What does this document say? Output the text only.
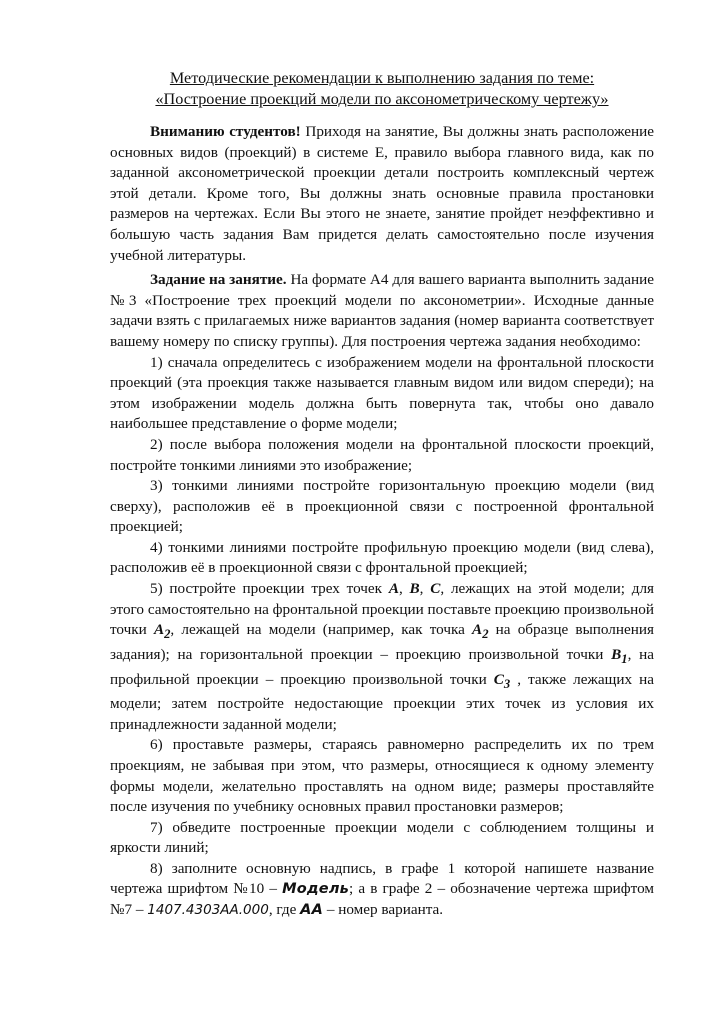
Методические рекомендации к выполнению задания по теме:
«Построение проекций модели по аксонометрическому чертежу»

Вниманию студентов! Приходя на занятие, Вы должны знать расположение основных видов (проекций) в системе Е, правило выбора главного вида, как по заданной аксонометрической проекции детали построить комплексный чертеж этой детали. Кроме того, Вы должны знать основные правила простановки размеров на чертежах. Если Вы этого не знаете, занятие пройдет неэффективно и большую часть задания Вам придется делать самостоятельно после изучения учебной литературы.

Задание на занятие. На формате А4 для вашего варианта выполнить задание №3 «Построение трех проекций модели по аксонометрии». Исходные данные задачи взять с прилагаемых ниже вариантов задания (номер варианта соответствует вашему номеру по списку группы). Для построения чертежа задания необходимо:

1) сначала определитесь с изображением модели на фронтальной плоскости проекций (эта проекция также называется главным видом или видом спереди); на этом изображении модель должна быть повернута так, чтобы оно давало наибольшее представление о форме модели;

2) после выбора положения модели на фронтальной плоскости проекций, постройте тонкими линиями это изображение;

3) тонкими линиями постройте горизонтальную проекцию модели (вид сверху), расположив её в проекционной связи с построенной фронтальной проекцией;

4) тонкими линиями постройте профильную проекцию модели (вид слева), расположив её в проекционной связи с фронтальной проекцией;

5) постройте проекции трех точек A, B, C, лежащих на этой модели; для этого самостоятельно на фронтальной проекции поставьте проекцию произвольной точки $A_2$, лежащей на модели (например, как точка $A_2$ на образце выполнения задания); на горизонтальной проекции – проекцию произвольной точки $B_1$, на профильной проекции – проекцию произвольной точки $C_3$ , также лежащих на модели; затем постройте недостающие проекции этих точек из условия их принадлежности заданной модели;

6) проставьте размеры, стараясь равномерно распределить их по трем проекциям, не забывая при этом, что размеры, относящиеся к одному элементу формы модели, желательно проставлять на одном виде; размеры проставляйте после изучения по учебнику основных правил простановки размеров;

7) обведите построенные проекции модели с соблюдением толщины и яркости линий;

8) заполните основную надпись, в графе 1 которой напишете название чертежа шрифтом №10 – Модель; а в графе 2 – обозначение чертежа шрифтом №7 – 1407.4303АА.000, где АА – номер варианта.
